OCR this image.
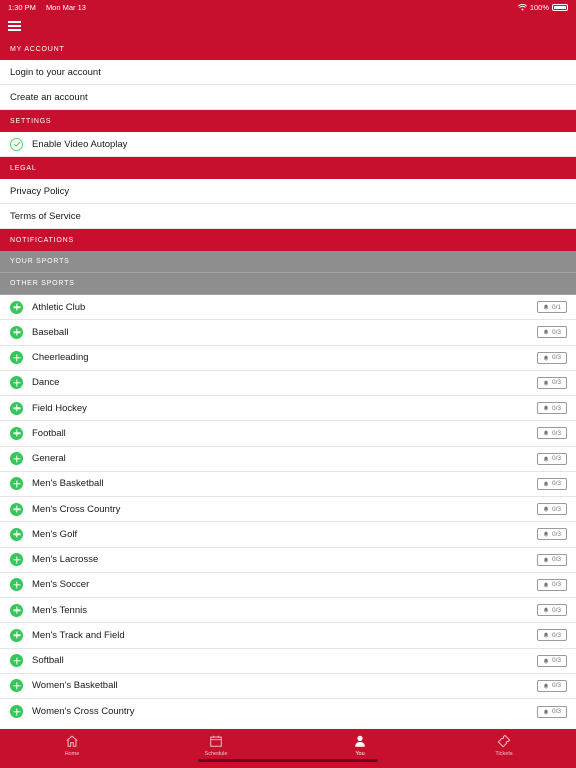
1:30 PM Mon Mar 13	100%
MY ACCOUNT
Login to your account
Create an account
SETTINGS
Enable Video Autoplay
LEGAL
Privacy Policy
Terms of Service
NOTIFICATIONS
YOUR SPORTS
OTHER SPORTS
Athletic Club	0/1
Baseball	0/3
Cheerleading	0/3
Dance	0/3
Field Hockey	0/3
Football	0/3
General	0/3
Men's Basketball	0/3
Men's Cross Country	0/3
Men's Golf	0/3
Men's Lacrosse	0/3
Men's Soccer	0/3
Men's Tennis	0/3
Men's Track and Field	0/3
Softball	0/3
Women's Basketball	0/3
Women's Cross Country	0/3
Home	Schedule	You	Tickets
